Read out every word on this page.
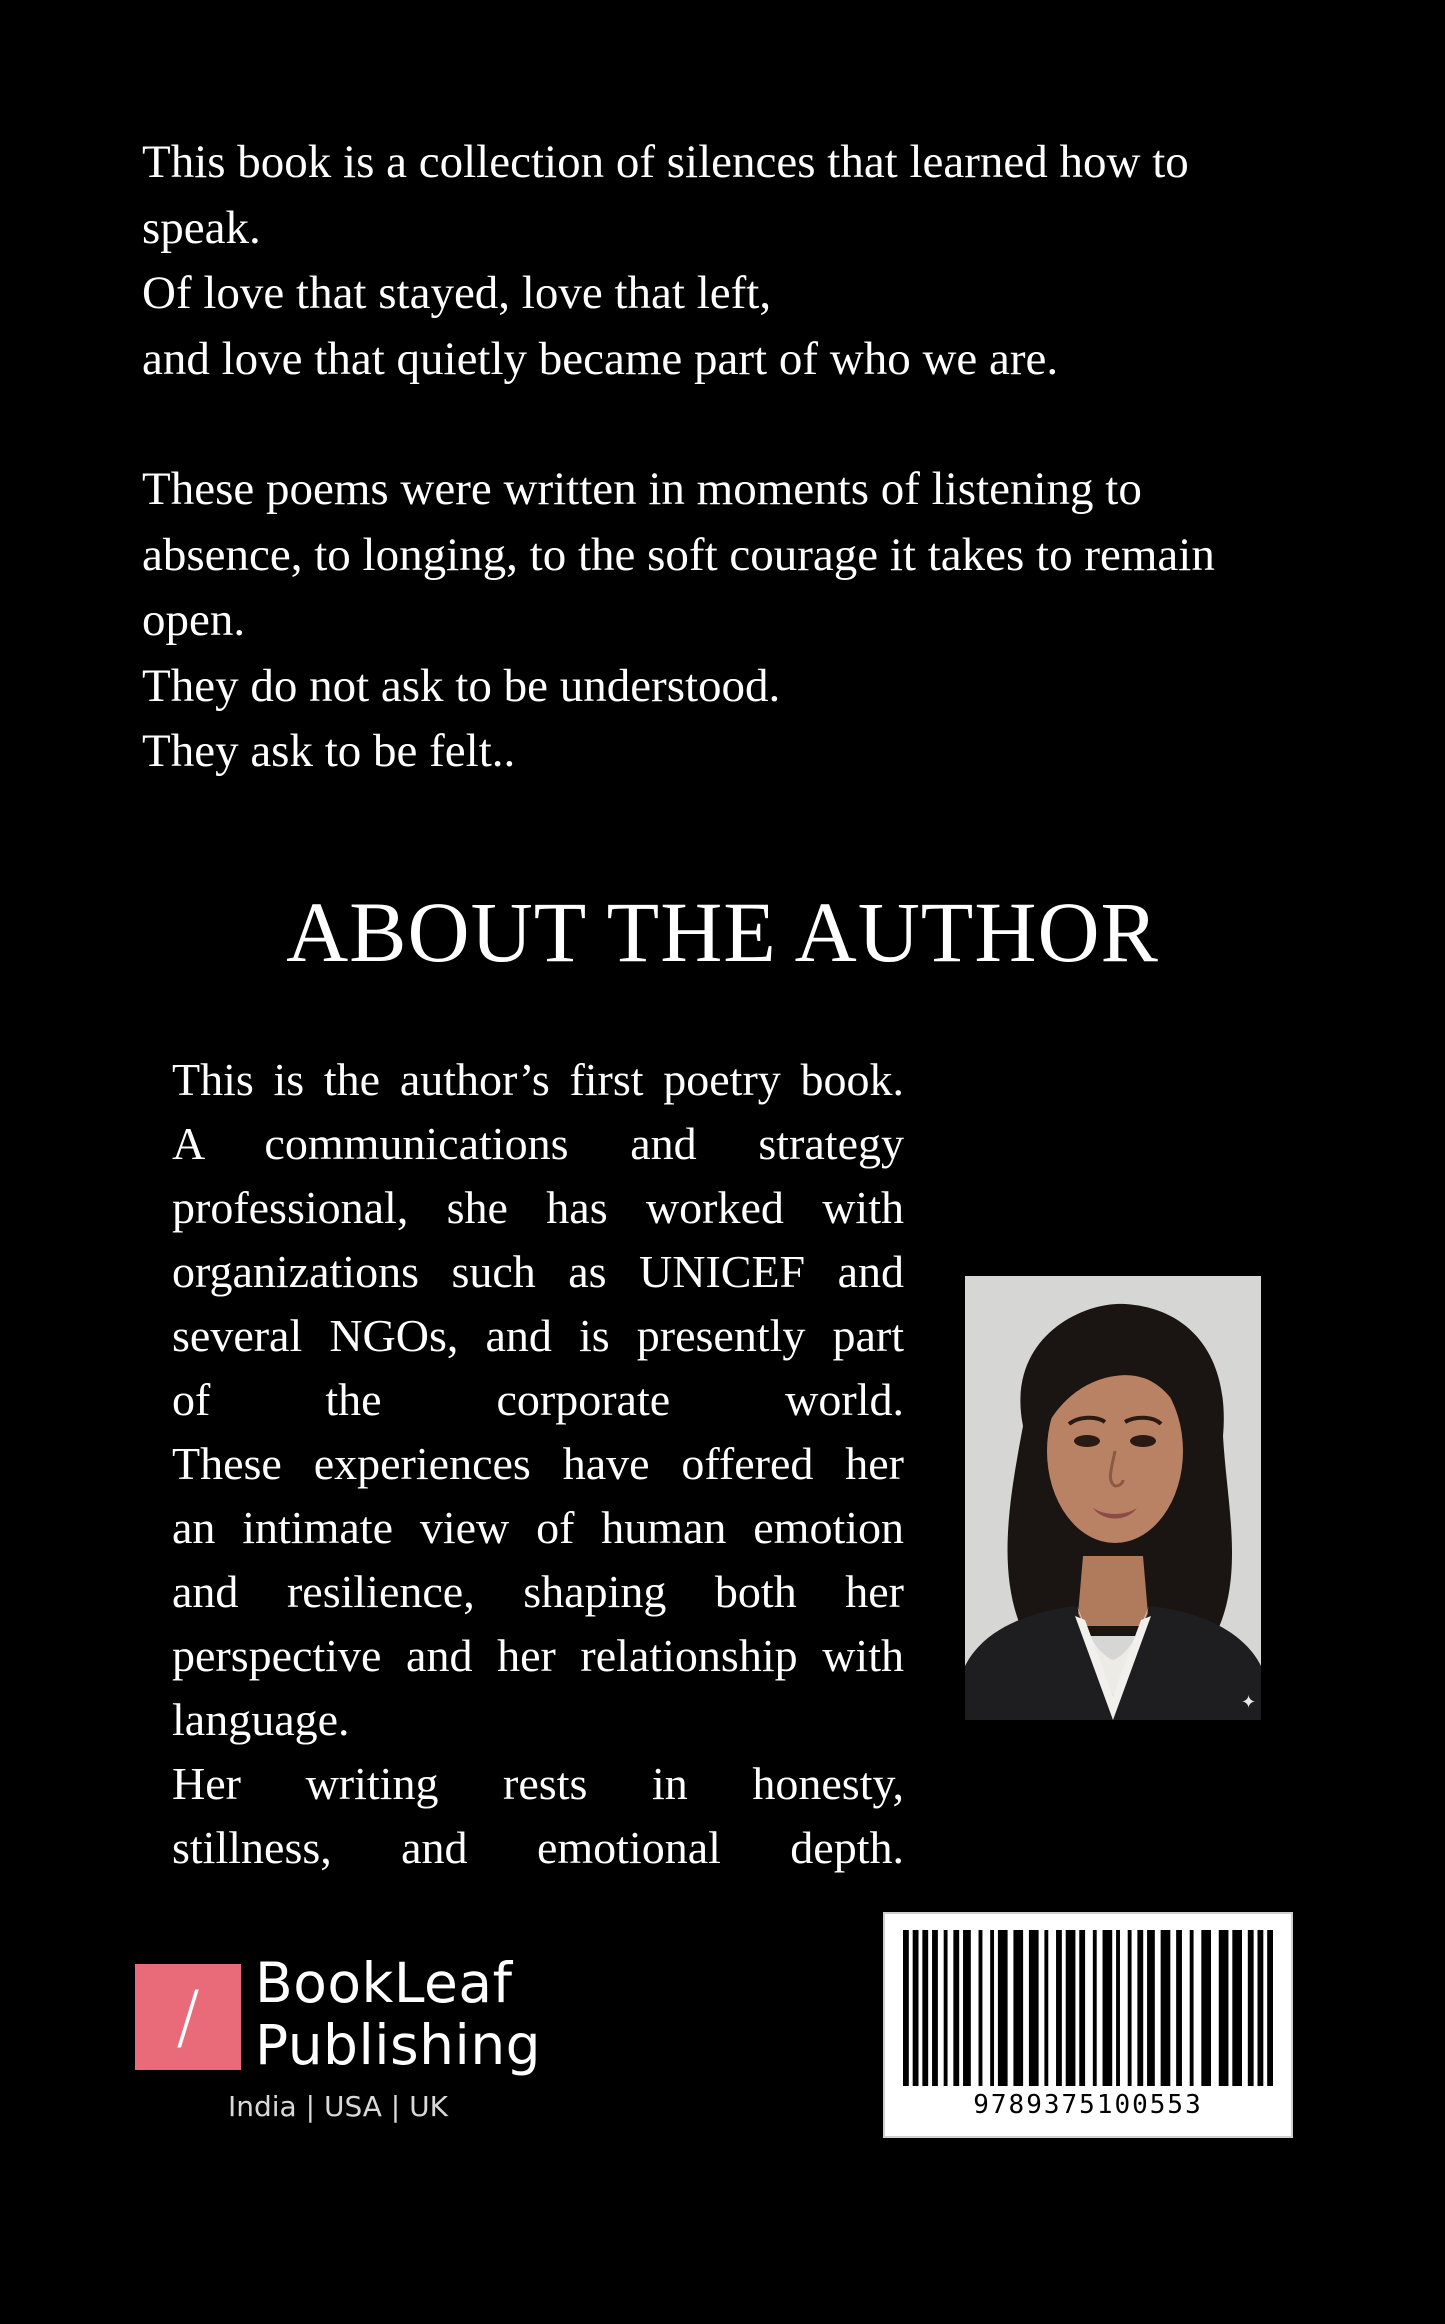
This book is a collection of silences that learned how to

speak.

Of love that stayed, love that left,

and love that quietly became part of who we are.

These poems were written in moments of listening to

absence, to longing, to the soft courage it takes to remain

open.

They do not ask to be understood.

They ask to be felt..

ABOUT THE AUTHOR

This is the author’s first poetry book.

A communications and strategy

professional, she has worked with

organizations such as UNICEF and

several NGOs, and is presently part

of the corporate world.

These experiences have offered her

an intimate view of human emotion

and resilience, shaping both her

perspective and her relationship with

language.

Her writing rests in honesty,

stillness, and emotional depth.

✦
/	BookLeaf
Publishing
India | USA | UK	9789375100553
